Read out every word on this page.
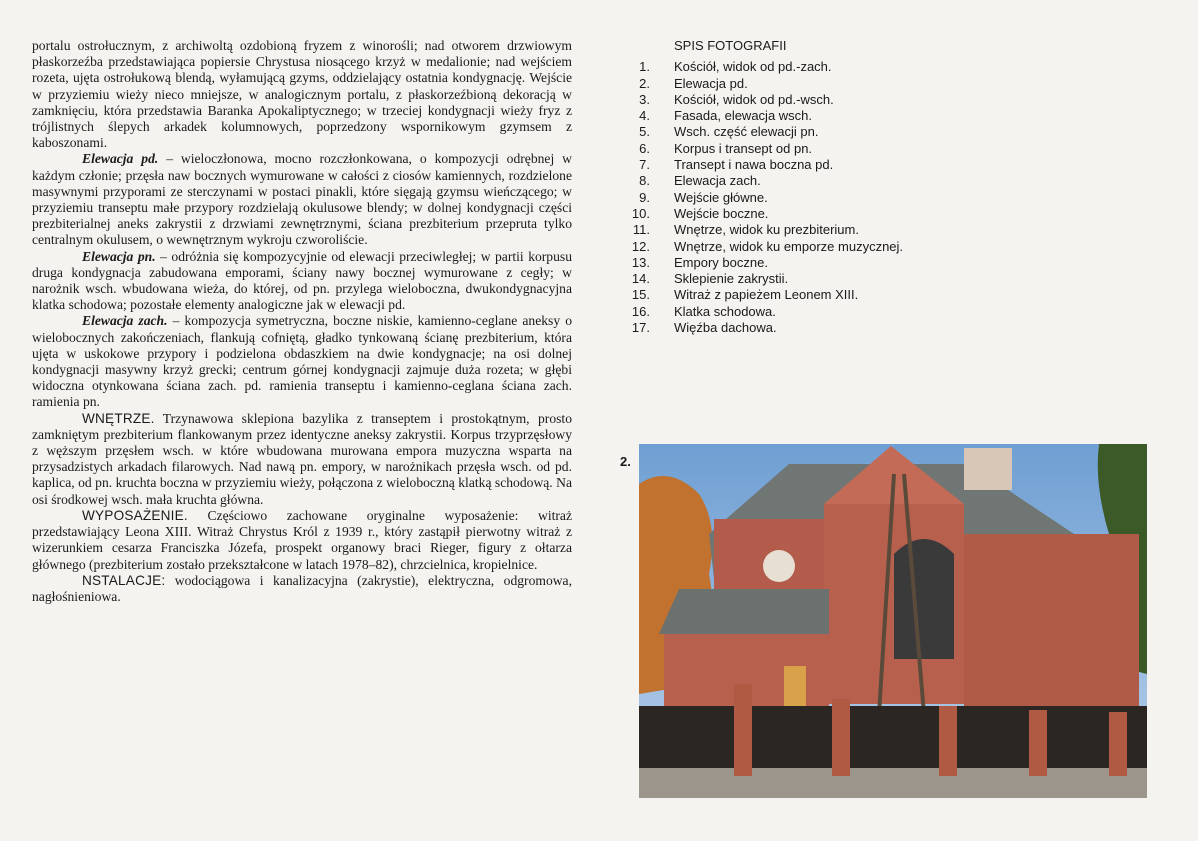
portalu ostrołucznym, z archiwoltą ozdobioną fryzem z winorośli; nad otworem drzwiowym płaskorzeźba przedstawiająca popiersie Chrystusa niosącego krzyż w medalionie; nad wejściem rozeta, ujęta ostrołukową blendą, wyłamującą gzyms, oddzielający ostatnia kondygnację. Wejście w przyziemiu wieży nieco mniejsze, w analogicznym portalu, z płaskorzeźbioną dekoracją w zamknięciu, która przedstawia Baranka Apokaliptycznego; w trzeciej kondygnacji wieży fryz z trójlistnych ślepych arkadek kolumnowych, poprzedzony wspornikowym gzymsem z kaboszonami.

Elewacja pd. – wieloczłonowa, mocno rozczłonkowana, o kompozycji odrębnej w każdym członie; przęsła naw bocznych wymurowane w całości z ciosów kamiennych, rozdzielone masywnymi przyporami ze sterczynami w postaci pinakli, które sięgają gzymsu wieńczącego; w przyziemiu transeptu małe przypory rozdzielają okulusowe blendy; w dolnej kondygnacji części prezbiterialnej aneks zakrystii z drzwiami zewnętrznymi, ściana prezbiterium przepruta tylko centralnym okulusem, o wewnętrznym wykroju czworoliście.

Elewacja pn. – odróżnia się kompozycyjnie od elewacji przeciwległej; w partii korpusu druga kondygnacja zabudowana emporami, ściany nawy bocznej wymurowane z cegły; w narożnik wsch. wbudowana wieża, do której, od pn. przylega wieloboczna, dwukondygnacyjna klatka schodowa; pozostałe elementy analogiczne jak w elewacji pd.

Elewacja zach. – kompozycja symetryczna, boczne niskie, kamienno-ceglane aneksy o wielobocznych zakończeniach, flankują cofniętą, gładko tynkowaną ścianę prezbiterium, która ujęta w uskokowe przypory i podzielona obdaszkiem na dwie kondygnacje; na osi dolnej kondygnacji masywny krzyż grecki; centrum górnej kondygnacji zajmuje duża rozeta; w głębi widoczna otynkowana ściana zach. pd. ramienia transeptu i kamienno-ceglana ściana zach. ramienia pn.

WNĘTRZE. Trzynawowa sklepiona bazylika z transeptem i prostokątnym, prosto zamkniętym prezbiterium flankowanym przez identyczne aneksy zakrystii. Korpus trzyprzęsłowy z węższym przęsłem wsch. w które wbudowana murowana empora muzyczna wsparta na przysadzistych arkadach filarowych. Nad nawą pn. empory, w narożnikach przęsła wsch. od pd. kaplica, od pn. kruchta boczna w przyziemiu wieży, połączona z wieloboczną klatką schodową. Na osi środkowej wsch. mała kruchta główna.

WYPOSAŻENIE. Częściowo zachowane oryginalne wyposażenie: witraż przedstawiający Leona XIII. Witraż Chrystus Król z 1939 r., który zastąpił pierwotny witraż z wizerunkiem cesarza Franciszka Józefa, prospekt organowy braci Rieger, figury z ołtarza głównego (prezbiterium zostało przekształcone w latach 1978–82), chrzcielnica, kropielnice.

NSTALACJE: wodociągowa i kanalizacyjna (zakrystie), elektryczna, odgromowa, nagłośnieniowa.

SPIS FOTOGRAFII
1. Kościół, widok od pd.-zach.
2. Elewacja pd.
3. Kościół, widok od pd.-wsch.
4. Fasada, elewacja wsch.
5. Wsch. część elewacji pn.
6. Korpus i transept od pn.
7. Transept i nawa boczna pd.
8. Elewacja zach.
9. Wejście główne.
10. Wejście boczne.
11. Wnętrze, widok ku prezbiterium.
12. Wnętrze, widok ku emporze muzycznej.
13. Empory boczne.
14. Sklepienie zakrystii.
15. Witraż z papieżem Leonem XIII.
16. Klatka schodowa.
17. Więźba dachowa.
2.
